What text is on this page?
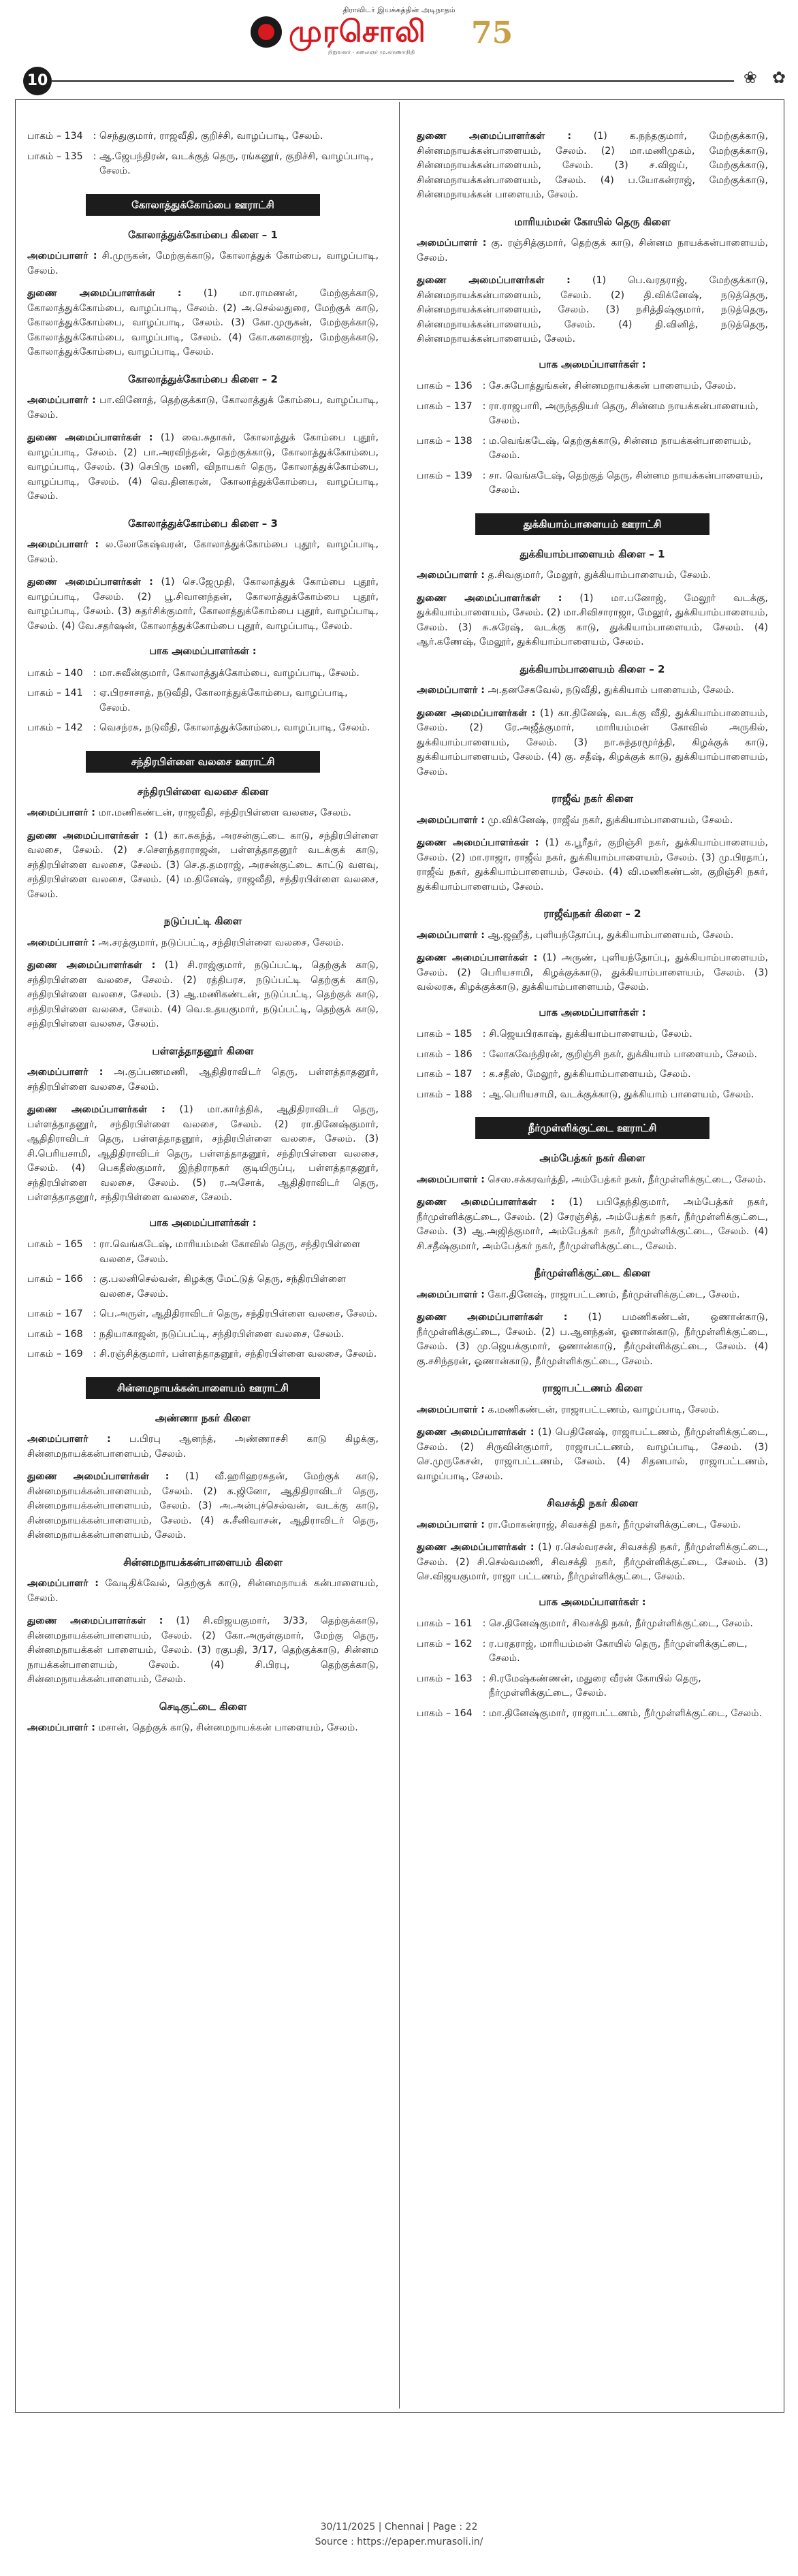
திராவிடர் இயக்கத்தின் அடிநாதம்
முரசொலி 75
நிறுவனர் - கலைஞர் மு.கருணாநிதி
10	❀ ✿
பாகம் – 134	: செந்துகுமார், ராஜவீதி, குறிச்சி, வாழப்பாடி, சேலம்.
பாகம் – 135	: ஆ.ஜேபந்திரன், வடக்குத் தெரு, ரங்கனூர், குறிச்சி, வாழப்பாடி, சேலம்.
கோலாத்துக்கோம்பை ஊராட்சி
கோலாத்துக்கோம்பை கிளை – 1
அமைப்பாளர் : சி.முருகன், மேற்குக்காடு, கோலாத்துக் கோம்பை, வாழப்பாடி, சேலம்.
துணை அமைப்பாளர்கள் : (1) மா.ராமணன், மேற்குக்காடு, கோலாத்துக்கோம்பை, வாழப்பாடி, சேலம். (2) அ.செல்லதுரை, மேற்குக் காடு, கோலாத்துக்கோம்பை, வாழப்பாடி, சேலம். (3) கோ.முருகன், மேற்குக்காடு, கோலாத்துக்கோம்பை, வாழப்பாடி, சேலம். (4) கோ.கனகராஜ், மேற்குக்காடு, கோலாத்துக்கோம்பை, வாழப்பாடி, சேலம்.
கோலாத்துக்கோம்பை கிளை – 2
அமைப்பாளர் : பா.வினோத், தெற்குக்காடு, கோலாத்துக் கோம்பை, வாழப்பாடி, சேலம்.
துணை அமைப்பாளர்கள் : (1) வை.சுதாகர், கோலாத்துக் கோம்பை புதூர், வாழப்பாடி, சேலம். (2) பா.அரவிந்தன், தெற்குக்காடு, கோலாத்துக்கோம்பை, வாழப்பாடி, சேலம். (3) செபிரு மணி, விநாயகர் தெரு, கோலாத்துக்கோம்பை, வாழப்பாடி, சேலம். (4) வெ.தினகரன், கோலாத்துக்கோம்பை, வாழப்பாடி, சேலம்.
கோலாத்துக்கோம்பை கிளை – 3
அமைப்பாளர் : ல.லோகேஷ்வரன், கோலாத்துக்கோம்பை புதூர், வாழப்பாடி, சேலம்.
துணை அமைப்பாளர்கள் : (1) செ.ஜேமுதி, கோலாத்துக் கோம்பை புதூர், வாழப்பாடி, சேலம். (2) பூ.சிவானந்தன், கோலாத்துக்கோம்பை புதூர், வாழப்பாடி, சேலம். (3) சுதர்சிக்குமார், கோலாத்துக்கோம்பை புதூர், வாழப்பாடி, சேலம். (4) வே.சதர்ஷன், கோலாத்துக்கோம்பை புதூர், வாழப்பாடி, சேலம்.
பாக அமைப்பாளர்கள் :
பாகம் – 140	: மா.சுவீன்குமார், கோலாத்துக்கோம்பை, வாழப்பாடி, சேலம்.
பாகம் – 141	: ஏ.பிரசாசாத், நடுவீதி, கோலாத்துக்கோம்பை, வாழப்பாடி, சேலம்.
பாகம் – 142	: வெசந்ரசு, நடுவீதி, கோலாத்துக்கோம்பை, வாழப்பாடி, சேலம்.
சந்திரபிள்ளை வலசை ஊராட்சி
சந்திரபிள்ளை வலசை கிளை
அமைப்பாளர் : மா.மணிகண்டன், ராஜவீதி, சந்திரபிள்ளை வலசை, சேலம்.
துணை அமைப்பாளர்கள் : (1) கா.சுகந்த், அரசன்குட்டை காடு, சந்திரபிள்ளை வலசை, சேலம். (2) ச.சௌந்தராராஜன், பள்ளத்தாதனூர் வடக்குக் காடு, சந்திரபிள்ளை வலசை, சேலம். (3) செ.த.தமராஜ், அரசன்குட்டை காட்டு வளவு, சந்திரபிள்ளை வலசை, சேலம். (4) ம.தினேஷ், ராஜவீதி, சந்திரபிள்ளை வலசை, சேலம்.
நடுப்பட்டி கிளை
அமைப்பாளர் : அ.சரத்குமார், நடுப்பட்டி, சந்திரபிள்ளை வலசை, சேலம்.
துணை அமைப்பாளர்கள் : (1) சி.ராஜ்குமார், நடுப்பட்டி, தெற்குக் காடு, சந்திரபிள்ளை வலசை, சேலம். (2) ரத்திபரச, நடுப்பட்டி தெற்குக் காடு, சந்திரபிள்ளை வலசை, சேலம். (3) ஆ.மணிகண்டன், நடுப்பட்டி, தெற்குக் காடு, சந்திரபிள்ளை வலசை, சேலம். (4) வெ.உதயகுமார், நடுப்பட்டி, தெற்குக் காடு, சந்திரபிள்ளை வலசை, சேலம்.
பள்ளத்தாதனூர் கிளை
அமைப்பாளர் : அ.குப்பணமணி, ஆதிதிராவிடர் தெரு, பள்ளத்தாதனூர், சந்திரபிள்ளை வலசை, சேலம்.
துணை அமைப்பாளர்கள் : (1) மா.கார்த்திக், ஆதிதிராவிடர் தெரு, பள்ளத்தாதனூர், சந்திரபிள்ளை வலசை, சேலம். (2) ரா.தினேஷ்குமார், ஆதிதிராவிடர் தெரு, பள்ளத்தாதனூர், சந்திரபிள்ளை வலசை, சேலம். (3) சி.பெரியசாமி, ஆதிதிராவிடர் தெரு, பள்ளத்தாதனூர், சந்திரபிள்ளை வலசை, சேலம். (4) பெகதீஸ்குமார், இந்திராநகர் குடியிருப்பு, பள்ளத்தாதனூர், சந்திரபிள்ளை வலசை, சேலம். (5) ர.அசோக், ஆதிதிராவிடர் தெரு, பள்ளத்தாதனூர், சந்திரபிள்ளை வலசை, சேலம்.
பாக அமைப்பாளர்கள் :
பாகம் – 165	: ரா.வெங்கடேஷ், மாரியம்மன் கோவில் தெரு, சந்திரபிள்ளை வலசை, சேலம்.
பாகம் – 166	: கு.பலனிசெல்வன், கிழக்கு மேட்டுத் தெரு, சந்திரபிள்ளை வலசை, சேலம்.
பாகம் – 167	: பெ.அருள், ஆதிதிராவிடர் தெரு, சந்திரபிள்ளை வலசை, சேலம்.
பாகம் – 168	: நதியாகாஜன், நடுப்பட்டி, சந்திரபிள்ளை வலசை, சேலம்.
பாகம் – 169	: சி.ரஞ்சித்குமார், பள்ளத்தாதனூர், சந்திரபிள்ளை வலசை, சேலம்.
சின்னமநாயக்கன்பாளையம் ஊராட்சி
அண்ணா நகர் கிளை
அமைப்பாளர் : ப.பிரபு ஆனந்த், அண்ணாசசி காடு கிழக்கு, சின்னமநாயக்கன்பாளையம், சேலம்.
துணை அமைப்பாளர்கள் : (1) வீ.ஹரிஹரசுதன், மேற்குக் காடு, சின்னமநாயக்கன்பாளையம், சேலம். (2) க.ஜினோ, ஆதிதிராவிடர் தெரு, சின்னமநாயக்கன்பாளையம், சேலம். (3) அ.அன்புச்செல்வன், வடக்கு காடு, சின்னமநாயக்கன்பாளையம், சேலம். (4) சு.சீனிவாசன், ஆதிராவிடர் தெரு, சின்னமநாயக்கன்பாளையம், சேலம்.
சின்னமநாயக்கன்பாளையம் கிளை
அமைப்பாளர் : வேடிதிக்வேல், தெற்குக் காடு, சின்னமநாயக் கன்பாளையம், சேலம்.
துணை அமைப்பாளர்கள் : (1) சி.விஜயகுமார், 3/33, தெற்குக்காடு, சின்னமநாயக்கன்பாளையம், சேலம். (2) கோ.அருள்குமார், மேற்கு தெரு, சின்னமநாயக்கன் பாளையம், சேலம். (3) ரகுபதி, 3/17, தெற்குக்காடு, சின்னம நாயக்கன்பாளையம், சேலம். (4) சி.பிரபு, தெற்குக்காடு, சின்னமநாயக்கன்பாளையம், சேலம்.
செடிகுட்டை கிளை
அமைப்பாளர் : மசான், தெற்குக் காடு, சின்னமநாயக்கன் பாளையம், சேலம்.
துணை அமைப்பாளர்கள் : (1) க.நந்தகுமார், மேற்குக்காடு, சின்னமநாயக்கன்பாளையம், சேலம். (2) மா.மணிமுகம், மேற்குக்காடு, சின்னமநாயக்கன்பாளையம், சேலம். (3) ச.விஜய், மேற்குக்காடு, சின்னமநாயக்கன்பாளையம், சேலம். (4) ப.யோகன்ராஜ், மேற்குக்காடு, சின்னமநாயக்கன் பாளையம், சேலம்.
மாரியம்மன் கோயில் தெரு கிளை
அமைப்பாளர் : கு. ரஞ்சித்குமார், தெற்குக் காடு, சின்னம நாயக்கன்பாளையம், சேலம்.
துணை அமைப்பாளர்கள் : (1) பெ.வரதராஜ், மேற்குக்காடு, சின்னமநாயக்கன்பாளையம், சேலம். (2) தி.விக்னேஷ், நடுத்தெரு, சின்னமநாயக்கன்பாளையம், சேலம். (3) நசித்திஷ்குமார், நடுத்தெரு, சின்னமநாயக்கன்பாளையம், சேலம். (4) தி.வினித், நடுத்தெரு, சின்னமநாயக்கன்பாளையம், சேலம்.
பாக அமைப்பாளர்கள் :
பாகம் – 136	: சே.சுபோத்துங்கன், சின்னமநாயக்கன் பாளையம், சேலம்.
பாகம் – 137	: ரா.ராஜபாரி, அருந்ததியர் தெரு, சின்னம நாயக்கன்பாளையம், சேலம்.
பாகம் – 138	: ம.வெங்கடேஷ், தெற்குக்காடு, சின்னம நாயக்கன்பாளையம், சேலம்.
பாகம் – 139	: சா. வெங்கடேஷ், தெற்குத் தெரு, சின்னம நாயக்கன்பாளையம், சேலம்.
துக்கியாம்பாளையம் ஊராட்சி
துக்கியாம்பாளையம் கிளை – 1
அமைப்பாளர் : த.சிவகுமார், மேலூர், துக்கியாம்பாளையம், சேலம்.
துணை அமைப்பாளர்கள் : (1) மா.பனோஜ், மேலூர் வடக்கு, துக்கியாம்பாளையம், சேலம். (2) மா.சிவிசாராஜா, மேலூர், துக்கியாம்பாளையம், சேலம். (3) சு.சுரேஷ், வடக்கு காடு, துக்கியாம்பாளையம், சேலம். (4) ஆர்.கணேஷ், மேலூர், துக்கியாம்பாளையம், சேலம்.
துக்கியாம்பாளையம் கிளை – 2
அமைப்பாளர் : அ.தனசேகவேல், நடுவீதி, துக்கியாம் பாளையம், சேலம்.
துணை அமைப்பாளர்கள் : (1) கா.தினேஷ், வடக்கு வீதி, துக்கியாம்பாளையம், சேலம். (2) ரே.அஜீத்குமார், மாரியம்மன் கோவில் அருகில், துக்கியாம்பாளையம், சேலம். (3) நா.சுந்தரமூர்த்தி, கிழக்குக் காடு, துக்கியாம்பாளையம், சேலம். (4) கு. சதீஷ், கிழக்குக் காடு, துக்கியாம்பாளையம், சேலம்.
ராஜீவ் நகர் கிளை
அமைப்பாளர் : மு.விக்னேஷ், ராஜீவ் நகர், துக்கியாம்பாளையம், சேலம்.
துணை அமைப்பாளர்கள் : (1) க.பூரீதர், குறிஞ்சி நகர், துக்கியாம்பாளையம், சேலம். (2) மா.ராஜா, ராஜீவ் நகர், துக்கியாம்பாளையம், சேலம். (3) மு.பிரதாப், ராஜீவ் நகர், துக்கியாம்பாளையம், சேலம். (4) வி.மணிகண்டன், குறிஞ்சி நகர், துக்கியாம்பாளையம், சேலம்.
ராஜீவ்நகர் கிளை – 2
அமைப்பாளர் : ஆ.ஜஹீத், புளியந்தோப்பு, துக்கியாம்பாளையம், சேலம்.
துணை அமைப்பாளர்கள் : (1) அருண், புளியந்தோப்பு, துக்கியாம்பாளையம், சேலம். (2) பெரியசாமி, கிழக்குக்காடு, துக்கியாம்பாளையம், சேலம். (3) வல்லரசு, கிழக்குக்காடு, துக்கியாம்பாளையம், சேலம்.
பாக அமைப்பாளர்கள் :
பாகம் – 185	: சி.ஜெயபிரகாஷ், துக்கியாம்பாளையம், சேலம்.
பாகம் – 186	: லோகவேந்திரன், குறிஞ்சி நகர், துக்கியாம் பாளையம், சேலம்.
பாகம் – 187	: க.சதீஸ், மேலூர், துக்கியாம்பாளையம், சேலம்.
பாகம் – 188	: ஆ.பெரியசாமி, வடக்குக்காடு, துக்கியாம் பாளையம், சேலம்.
நீர்முள்ளிக்குட்டை ஊராட்சி
அம்பேத்கர் நகர் கிளை
அமைப்பாளர் : செஸ.சக்கரவர்த்தி, அம்பேத்கர் நகர், நீர்முள்ளிக்குட்டை, சேலம்.
துணை அமைப்பாளர்கள் : (1) பபிதேந்திகுமார், அம்பேத்கர் நகர், நீர்முள்ளிக்குட்டை, சேலம். (2) சேரஞ்சித், அம்பேத்கர் நகர், நீர்முள்ளிக்குட்டை, சேலம். (3) ஆ.அஜித்குமார், அம்பேத்கர் நகர், நீர்முள்ளிக்குட்டை, சேலம். (4) சி.சதீஷ்குமார், அம்பேத்கர் நகர், நீர்முள்ளிக்குட்டை, சேலம்.
நீர்முள்ளிக்குட்டை கிளை
அமைப்பாளர் : கோ.தினேஷ், ராஜாபட்டணம், நீர்முள்ளிக்குட்டை, சேலம்.
துணை அமைப்பாளர்கள் : (1) பமணிகண்டன், ஒணான்காடு, நீர்முள்ளிக்குட்டை, சேலம். (2) ப.ஆனந்தன், ஓணான்காடு, நீர்முள்ளிக்குட்டை, சேலம். (3) மு.ஜெயக்குமார், ஓணான்காடு, நீர்முள்ளிக்குட்டை, சேலம். (4) கு.சசிந்தரன், ஓணான்காடு, நீர்முள்ளிக்குட்டை, சேலம்.
ராஜாபட்டணம் கிளை
அமைப்பாளர் : க.மணிகண்டன், ராஜாபட்டணம், வாழப்பாடி, சேலம்.
துணை அமைப்பாளர்கள் : (1) பெதினேஷ், ராஜாபட்டணம், நீர்முள்ளிக்குட்டை, சேலம். (2) சிருவின்குமார், ராஜாபட்டணம், வாழப்பாடி, சேலம். (3) செ.முருகேசன், ராஜாபட்டணம், சேலம். (4) சிதனபால், ராஜாபட்டணம், வாழப்பாடி, சேலம்.
சிவசக்தி நகர் கிளை
அமைப்பாளர் : ரா.மோகன்ராஜ், சிவசக்தி நகர், நீர்முள்ளிக்குட்டை, சேலம்.
துணை அமைப்பாளர்கள் : (1) ர.செல்வரசன், சிவசக்தி நகர், நீர்முள்ளிக்குட்டை, சேலம். (2) சி.செல்வமணி, சிவசக்தி நகர், நீர்முள்ளிக்குட்டை, சேலம். (3) செ.விஜயகுமார், ராஜா பட்டணம், நீர்முள்ளிக்குட்டை, சேலம்.
பாக அமைப்பாளர்கள் :
பாகம் – 161	: செ.தினேஷ்குமார், சிவசக்தி நகர், நீர்முள்ளிக்குட்டை, சேலம்.
பாகம் – 162	: ர.பரதராஜ், மாரியம்மன் கோயில் தெரு, நீர்முள்ளிக்குட்டை, சேலம்.
பாகம் – 163	: சி.ரமேஷ்கண்ணன், மதுரை வீரன் கோயில் தெரு, நீர்முள்ளிக்குட்டை, சேலம்.
பாகம் – 164	: மா.தினேஷ்குமார், ராஜாபட்டணம், நீர்முள்ளிக்குட்டை, சேலம்.
30/11/2025 | Chennai | Page : 22
Source : https://epaper.murasoli.in/
